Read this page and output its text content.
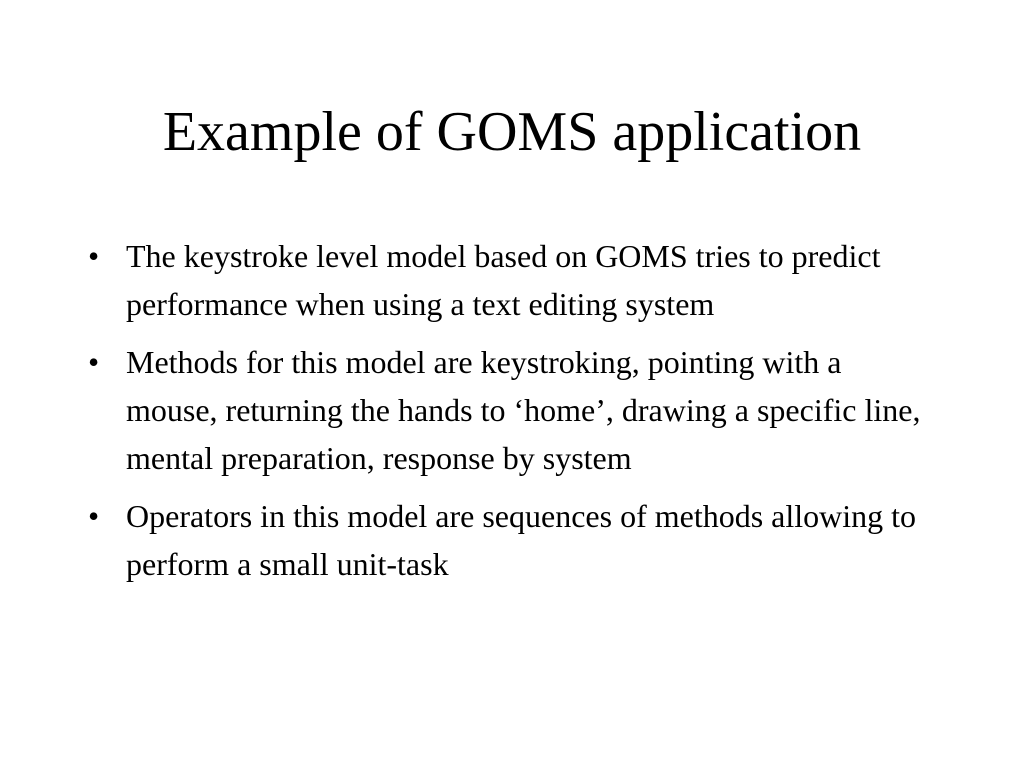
Example of GOMS application
• The keystroke level model based on GOMS tries to predict performance when using a text editing system
• Methods for this model are keystroking, pointing with a mouse, returning the hands to ‘home’, drawing a specific line, mental preparation, response by system
• Operators in this model are sequences of methods allowing to perform a small unit-task
